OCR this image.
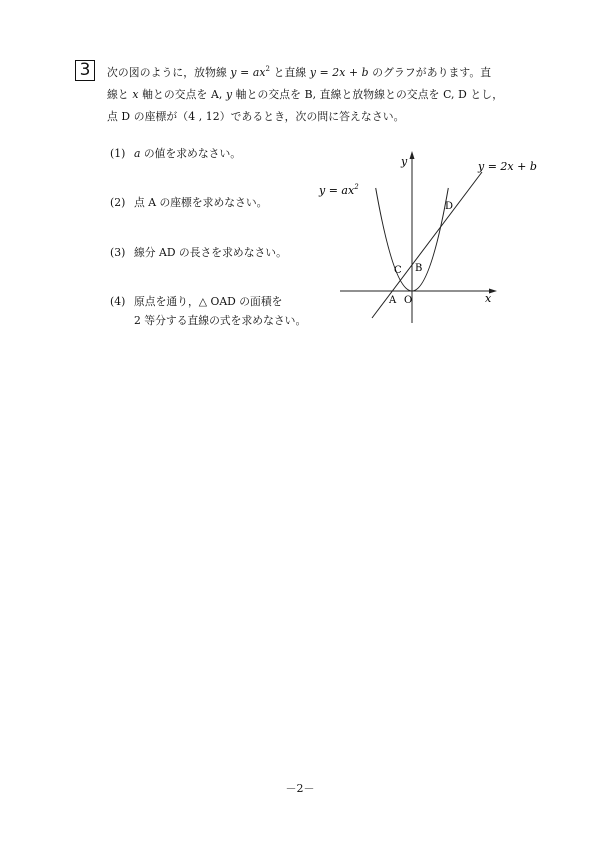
3	次の図のように，放物線 $y = ax^2$ と直線 y = 2x + b のグラフがあります。直
線と x 軸との交点を A, y 軸との交点を B, 直線と放物線との交点を C, D とし，
点 D の座標が（4 , 12）であるとき，次の問に答えなさい。
(1) a の値を求めなさい。
(2) 点 A の座標を求めなさい。
(3) 線分 AD の長さを求めなさい。
(4) 原点を通り，△ OAD の面積を
2 等分する直線の式を求めなさい。
y
x
y = 2x + b
$y = ax^2$
D
C B
A O
－2－
